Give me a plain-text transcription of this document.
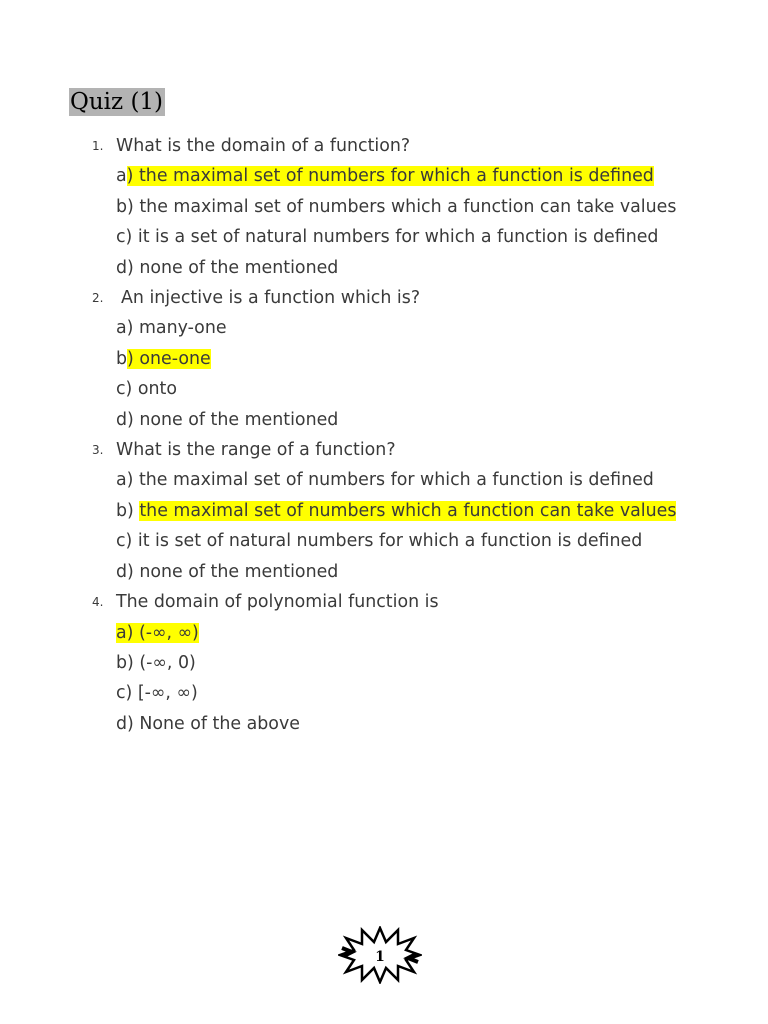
Quiz (1)
1. What is the domain of a function?
a) the maximal set of numbers for which a function is defined
b) the maximal set of numbers which a function can take values
c) it is a set of natural numbers for which a function is defined
d) none of the mentioned
2. An injective is a function which is?
a) many-one
b) one-one
c) onto
d) none of the mentioned
3. What is the range of a function?
a) the maximal set of numbers for which a function is defined
b) the maximal set of numbers which a function can take values
c) it is set of natural numbers for which a function is defined
d) none of the mentioned
4. The domain of polynomial function is
a) (-∞, ∞)
b) (-∞, 0)
c) [-∞, ∞)
d) None of the above
1
